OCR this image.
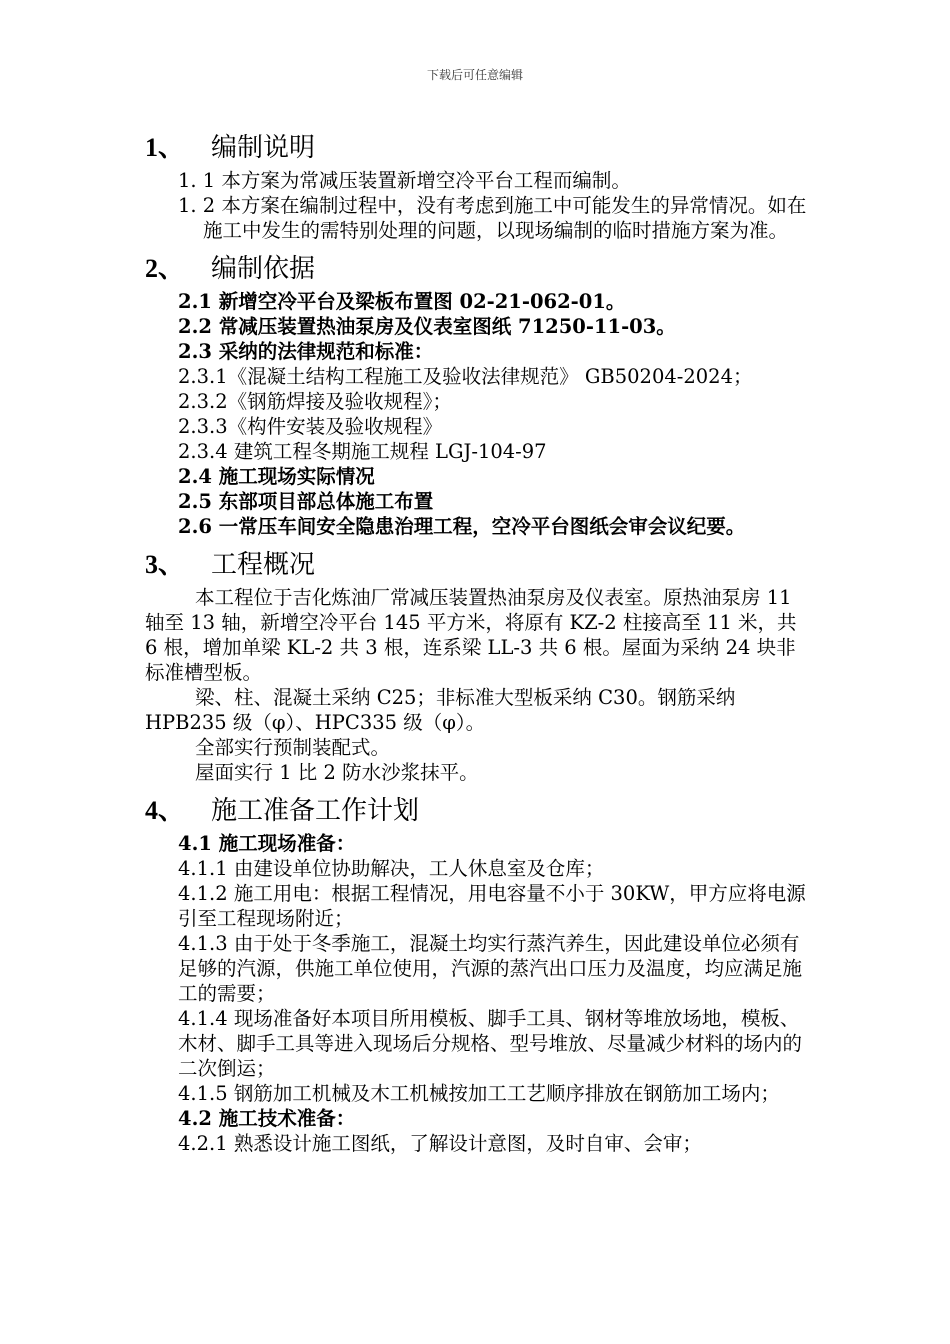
下载后可任意编辑
1、 编制说明
1. 1 本方案为常减压装置新增空冷平台工程而编制。
1. 2 本方案在编制过程中，没有考虑到施工中可能发生的异常情况。如在施工中发生的需特别处理的问题，以现场编制的临时措施方案为准。
2、 编制依据
2.1 新增空冷平台及梁板布置图 02-21-062-01。
2.2 常减压装置热油泵房及仪表室图纸 71250-11-03。
2.3 采纳的法律规范和标准：
2.3.1《混凝土结构工程施工及验收法律规范》 GB50204-2024；
2.3.2《钢筋焊接及验收规程》；
2.3.3《构件安装及验收规程》
2.3.4 建筑工程冬期施工规程 LGJ-104-97
2.4 施工现场实际情况
2.5 东部项目部总体施工布置
2.6 一常压车间安全隐患治理工程，空冷平台图纸会审会议纪要。
3、 工程概况
本工程位于吉化炼油厂常减压装置热油泵房及仪表室。原热油泵房 11 轴至 13 轴，新增空冷平台 145 平方米，将原有 KZ-2 柱接高至 11 米，共 6 根，增加单梁 KL-2 共 3 根，连系梁 LL-3 共 6 根。屋面为采纳 24 块非标准槽型板。
梁、柱、混凝土采纳 C25；非标准大型板采纳 C30。钢筋采纳 HPB235 级（φ）、HPC335 级（φ）。
全部实行预制装配式。
屋面实行 1 比 2 防水沙浆抹平。
4、 施工准备工作计划
4.1 施工现场准备：
4.1.1 由建设单位协助解决，工人休息室及仓库；
4.1.2 施工用电：根据工程情况，用电容量不小于 30KW，甲方应将电源引至工程现场附近；
4.1.3 由于处于冬季施工，混凝土均实行蒸汽养生，因此建设单位必须有足够的汽源，供施工单位使用，汽源的蒸汽出口压力及温度，均应满足施工的需要；
4.1.4 现场准备好本项目所用模板、脚手工具、钢材等堆放场地，模板、木材、脚手工具等进入现场后分规格、型号堆放、尽量减少材料的场内的二次倒运；
4.1.5 钢筋加工机械及木工机械按加工工艺顺序排放在钢筋加工场内；
4.2 施工技术准备：
4.2.1 熟悉设计施工图纸，了解设计意图，及时自审、会审；
